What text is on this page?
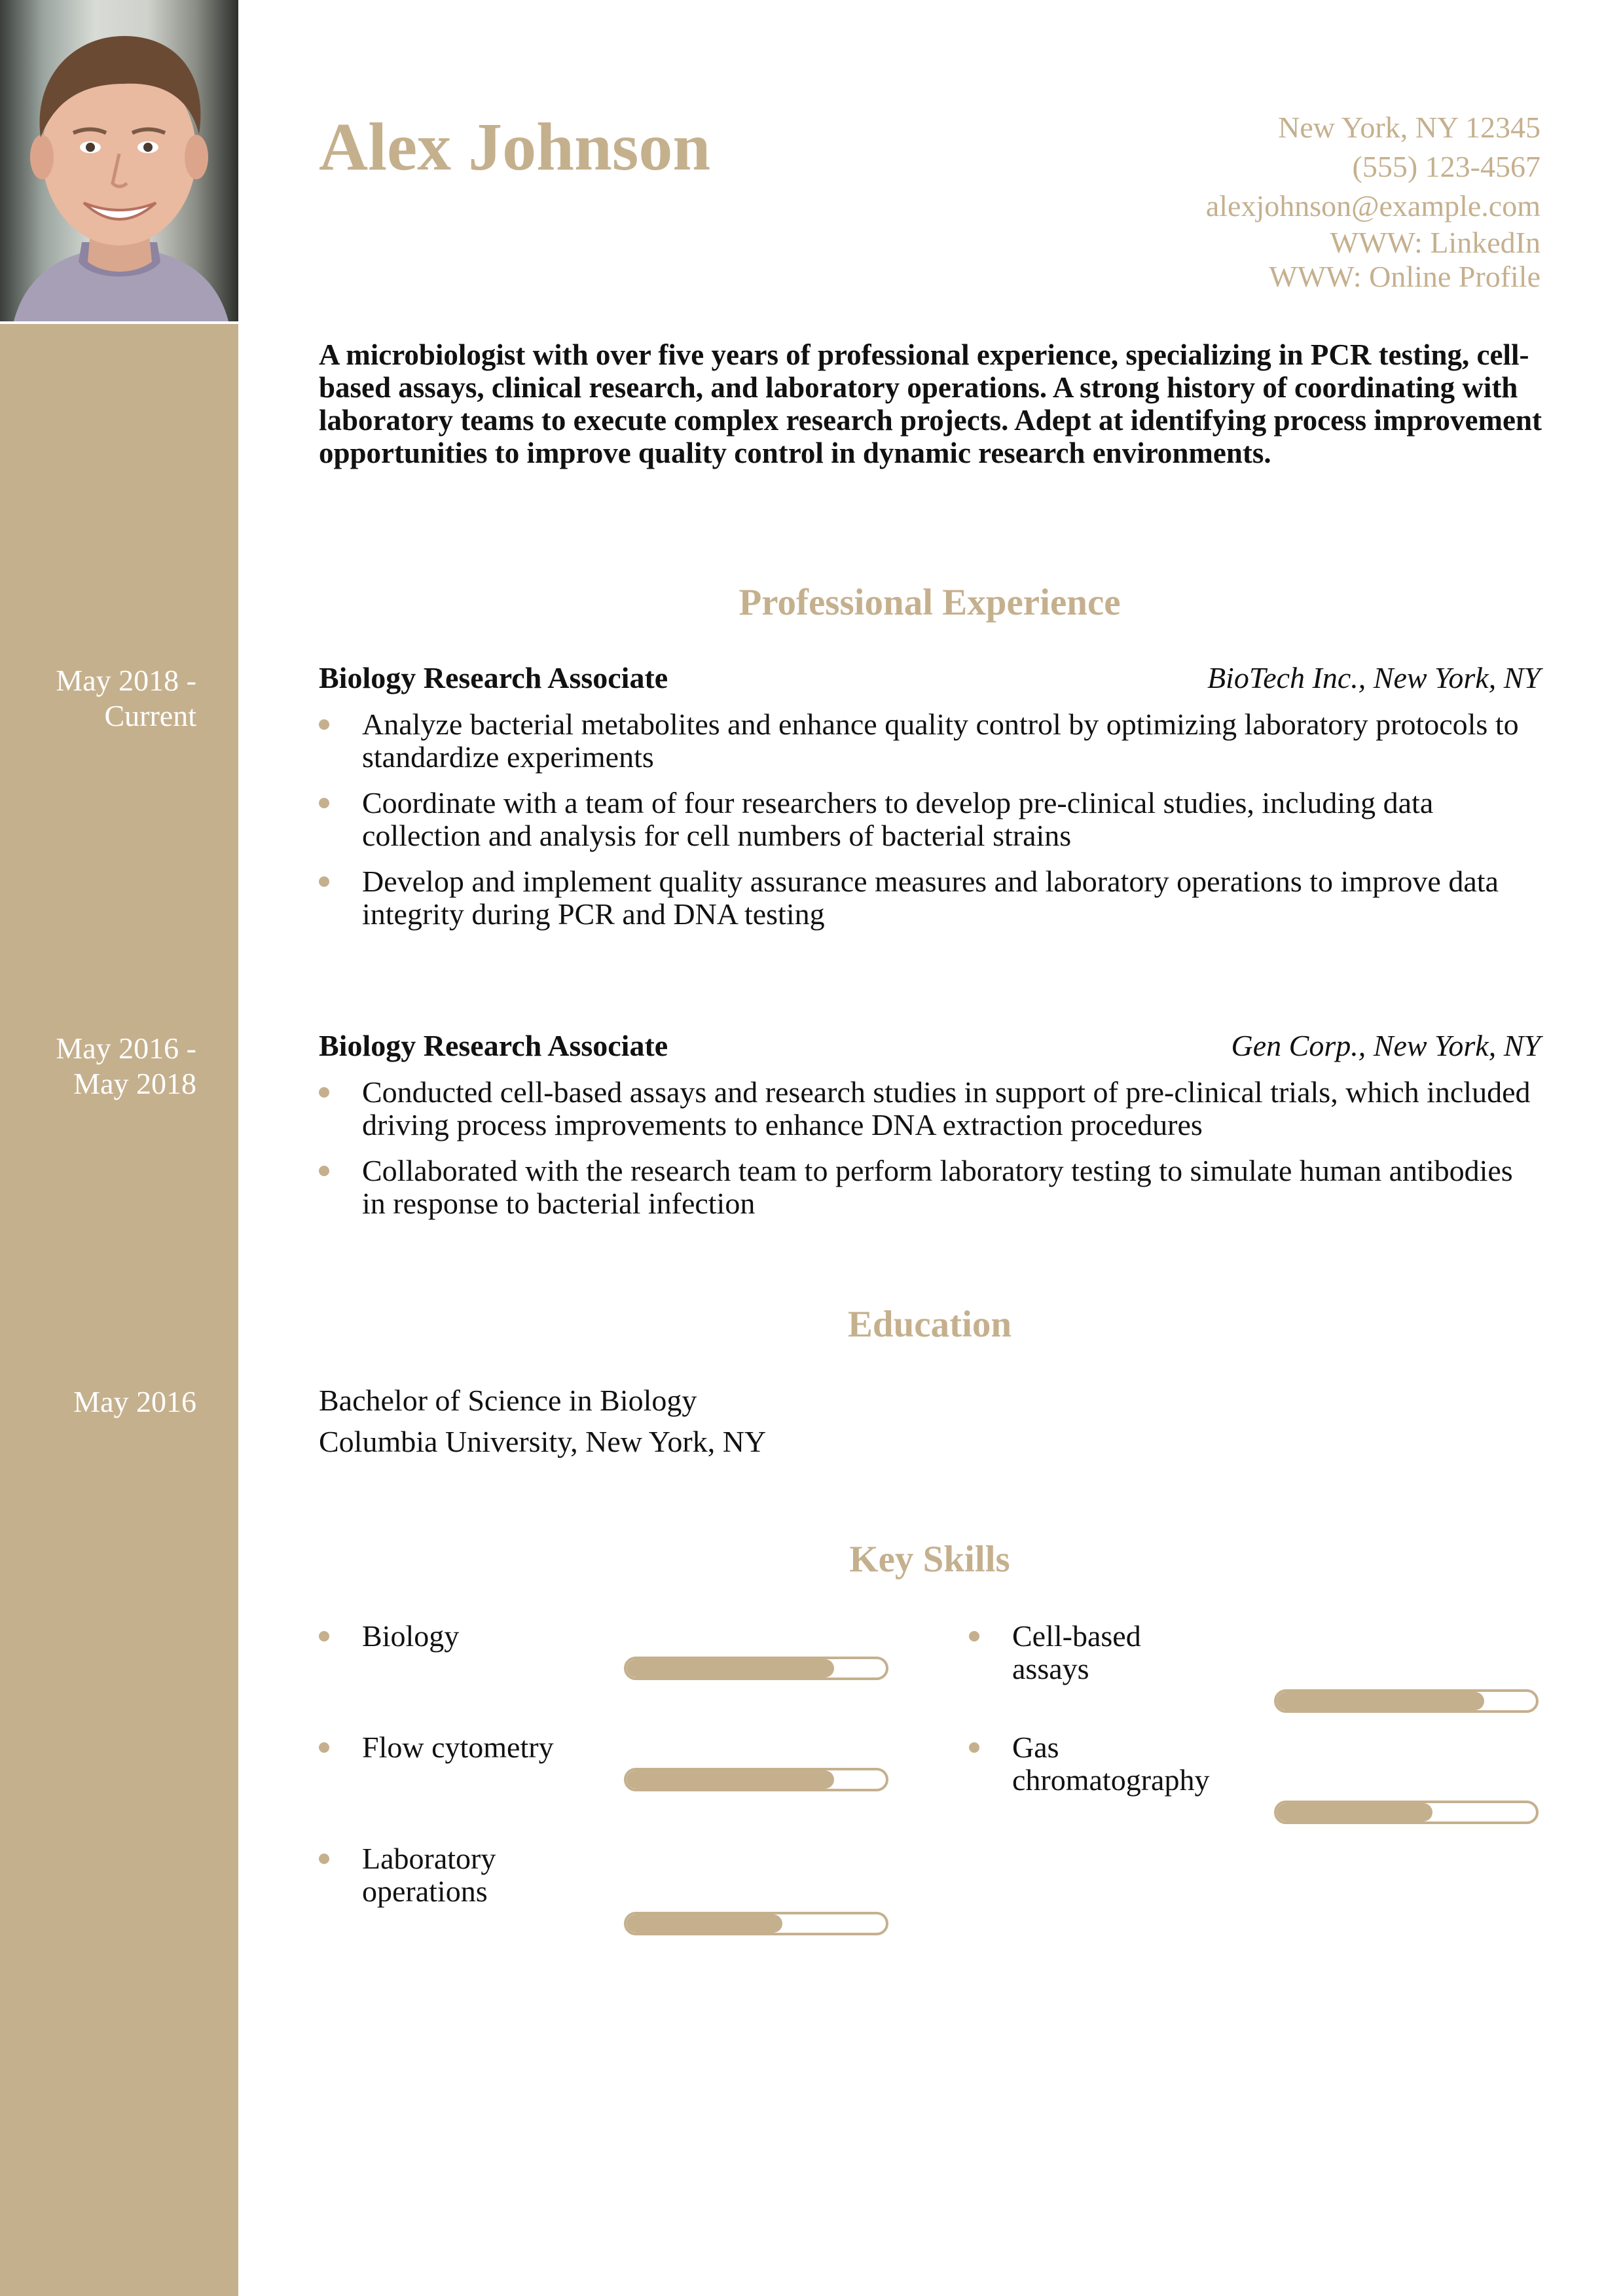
Alex Johnson	New York, NY 12345
(555) 123-4567
alexjohnson@example.com
WWW: LinkedIn
WWW: Online Profile
A microbiologist with over five years of professional experience, specializing in PCR testing, cell-based assays, clinical research, and laboratory operations. A strong history of coordinating with laboratory teams to execute complex research projects. Adept at identifying process improvement opportunities to improve quality control in dynamic research environments.
Professional Experience
May 2018 -
Current
Biology Research Associate	BioTech Inc., New York, NY
Analyze bacterial metabolites and enhance quality control by optimizing laboratory protocols to standardize experiments
Coordinate with a team of four researchers to develop pre-clinical studies, including data collection and analysis for cell numbers of bacterial strains
Develop and implement quality assurance measures and laboratory operations to improve data integrity during PCR and DNA testing
May 2016 -
May 2018
Biology Research Associate	Gen Corp., New York, NY
Conducted cell-based assays and research studies in support of pre-clinical trials, which included driving process improvements to enhance DNA extraction procedures
Collaborated with the research team to perform laboratory testing to simulate human antibodies in response to bacterial infection
Education
May 2016	Bachelor of Science in Biology
Columbia University, New York, NY
Key Skills
Biology	Cell-based assays
Flow cytometry	Gas chromatography
Laboratory operations
